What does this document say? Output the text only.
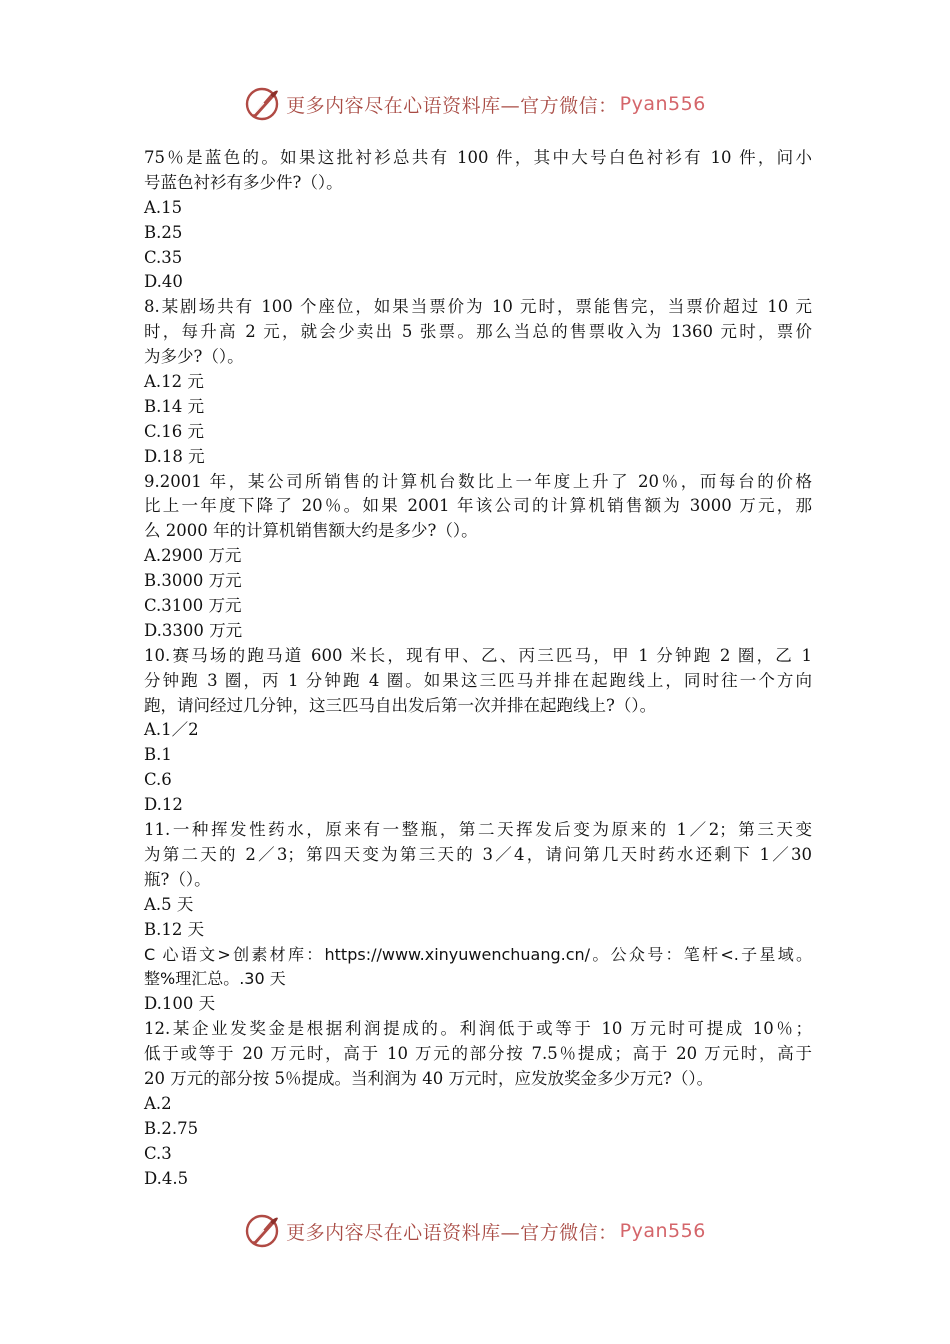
更多内容尽在心语资料库—官方微信： Pyan556
75％是蓝色的。如果这批衬衫总共有 100 件，其中大号白色衬衫有 10 件，问小
号蓝色衬衫有多少件?（）。
A.15
B.25
C.35
D.40
8.某剧场共有 100 个座位，如果当票价为 10 元时，票能售完，当票价超过 10 元
时，每升高 2 元，就会少卖出 5 张票。那么当总的售票收入为 1360 元时，票价
为多少?（）。
A.12 元
B.14 元
C.16 元
D.18 元
9.2001 年，某公司所销售的计算机台数比上一年度上升了 20％，而每台的价格
比上一年度下降了 20％。如果 2001 年该公司的计算机销售额为 3000 万元，那
么 2000 年的计算机销售额大约是多少?（）。
A.2900 万元
B.3000 万元
C.3100 万元
D.3300 万元
10.赛马场的跑马道 600 米长，现有甲、乙、丙三匹马，甲 1 分钟跑 2 圈，乙 1
分钟跑 3 圈，丙 1 分钟跑 4 圈。如果这三匹马并排在起跑线上，同时往一个方向
跑，请问经过几分钟，这三匹马自出发后第一次并排在起跑线上?（）。
A.1／2
B.1
C.6
D.12
11.一种挥发性药水，原来有一整瓶，第二天挥发后变为原来的 1／2；第三天变
为第二天的 2／3；第四天变为第三天的 3／4，请问第几天时药水还剩下 1／30
瓶?（）。
A.5 天
B.12 天
C 心语文>创素材库：https://www.xinyuwenchuang.cn/。公众号：笔杆<.子星域。
整%理汇总。.30 天
D.100 天
12.某企业发奖金是根据利润提成的。利润低于或等于 10 万元时可提成 10％；
低于或等于 20 万元时，高于 10 万元的部分按 7.5％提成；高于 20 万元时，高于
20 万元的部分按 5％提成。当利润为 40 万元时，应发放奖金多少万元?（）。
A.2
B.2.75
C.3
D.4.5
更多内容尽在心语资料库—官方微信： Pyan556
